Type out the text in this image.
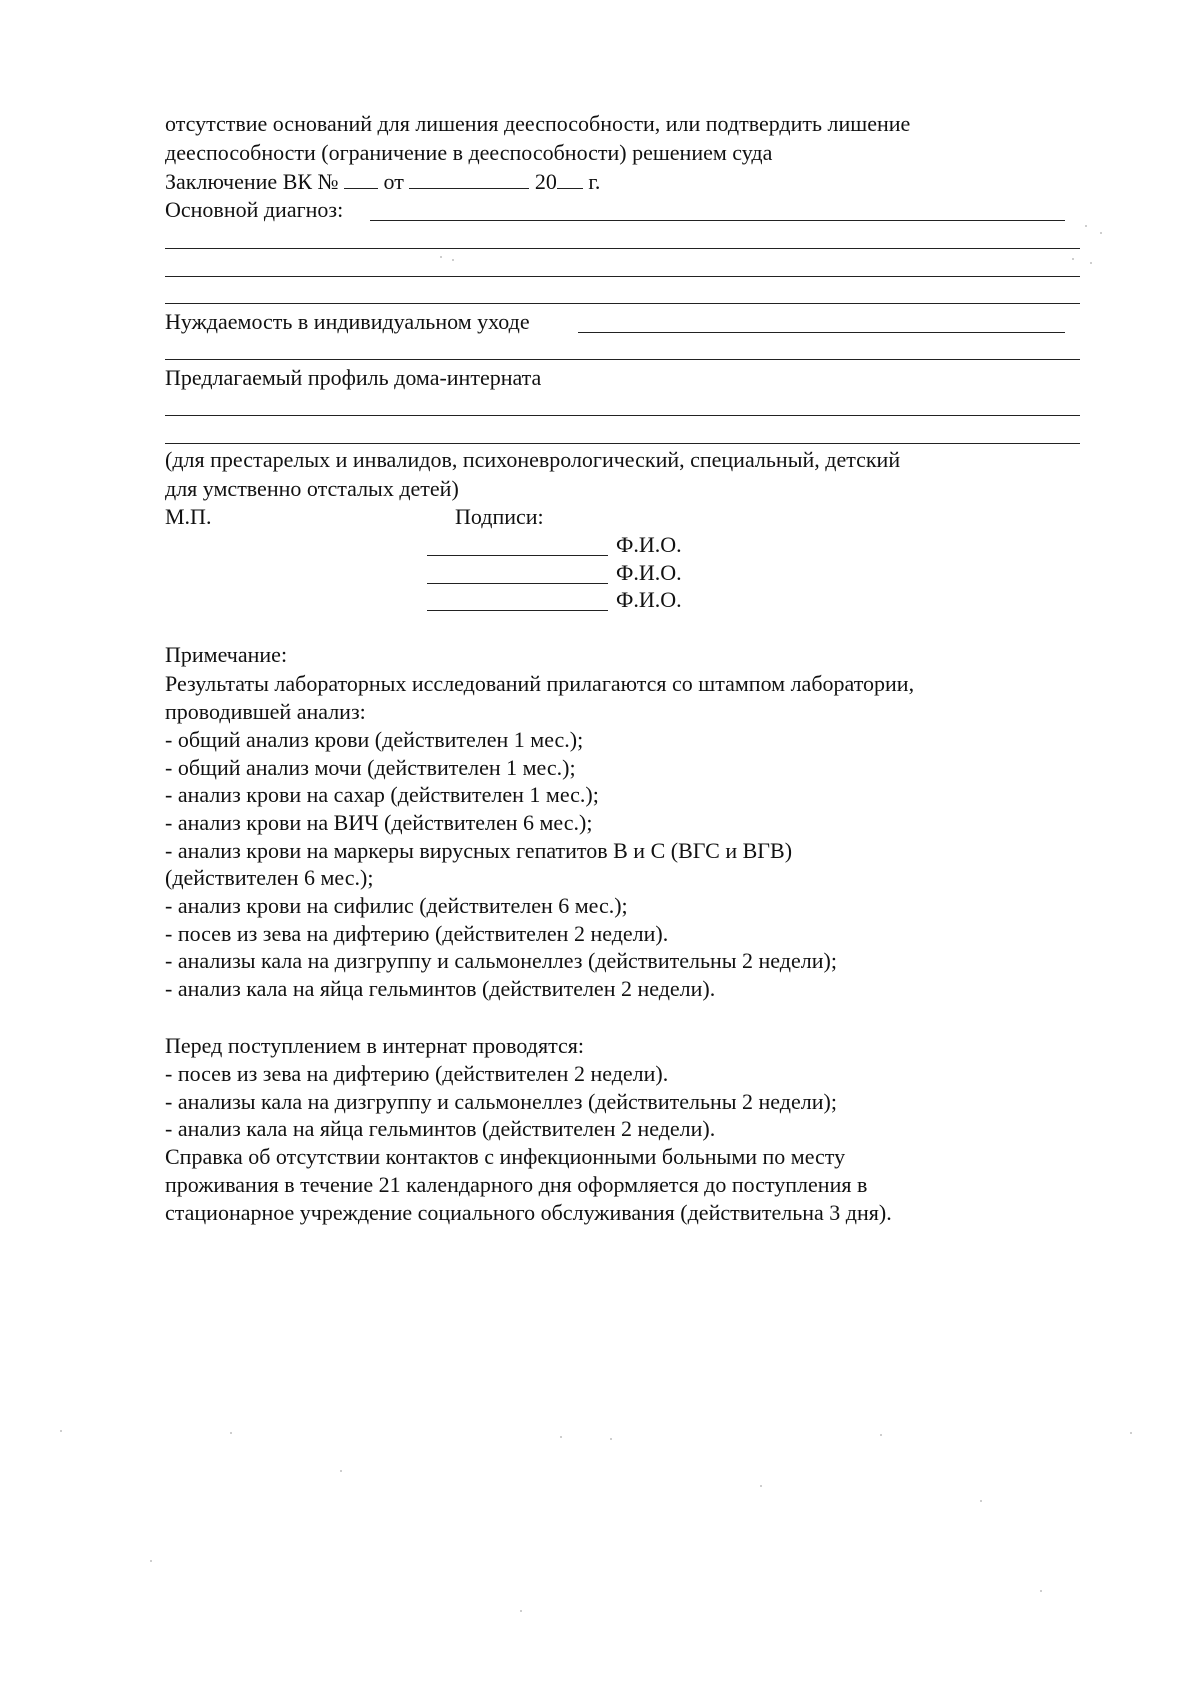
отсутствие оснований для лишения дееспособности, или подтвердить лишение
дееспособности (ограничение в дееспособности) решением суда
Заключение ВК № от	20 г.
Основной диагноз:
Нуждаемость в индивидуальном уходе
Предлагаемый профиль дома-интерната
(для престарелых и инвалидов, психоневрологический, специальный, детский
для умственно отсталых детей)
М.П.	Подписи:
Ф.И.О.
Ф.И.О.
Ф.И.О.
Примечание:
Результаты лабораторных исследований прилагаются со штампом лаборатории,
проводившей анализ:
- общий анализ крови (действителен 1 мес.);
- общий анализ мочи (действителен 1 мес.);
- анализ крови на сахар (действителен 1 мес.);
- анализ крови на ВИЧ (действителен 6 мес.);
- анализ крови на маркеры вирусных гепатитов В и С (ВГС и ВГВ)
(действителен 6 мес.);
- анализ крови на сифилис (действителен 6 мес.);
- посев из зева на дифтерию (действителен 2 недели).
- анализы кала на дизгруппу и сальмонеллез (действительны 2 недели);
- анализ кала на яйца гельминтов (действителен 2 недели).
Перед поступлением в интернат проводятся:
- посев из зева на дифтерию (действителен 2 недели).
- анализы кала на дизгруппу и сальмонеллез (действительны 2 недели);
- анализ кала на яйца гельминтов (действителен 2 недели).
Справка об отсутствии контактов с инфекционными больными по месту
проживания в течение 21 календарного дня оформляется до поступления в
стационарное учреждение социального обслуживания (действительна 3 дня).
